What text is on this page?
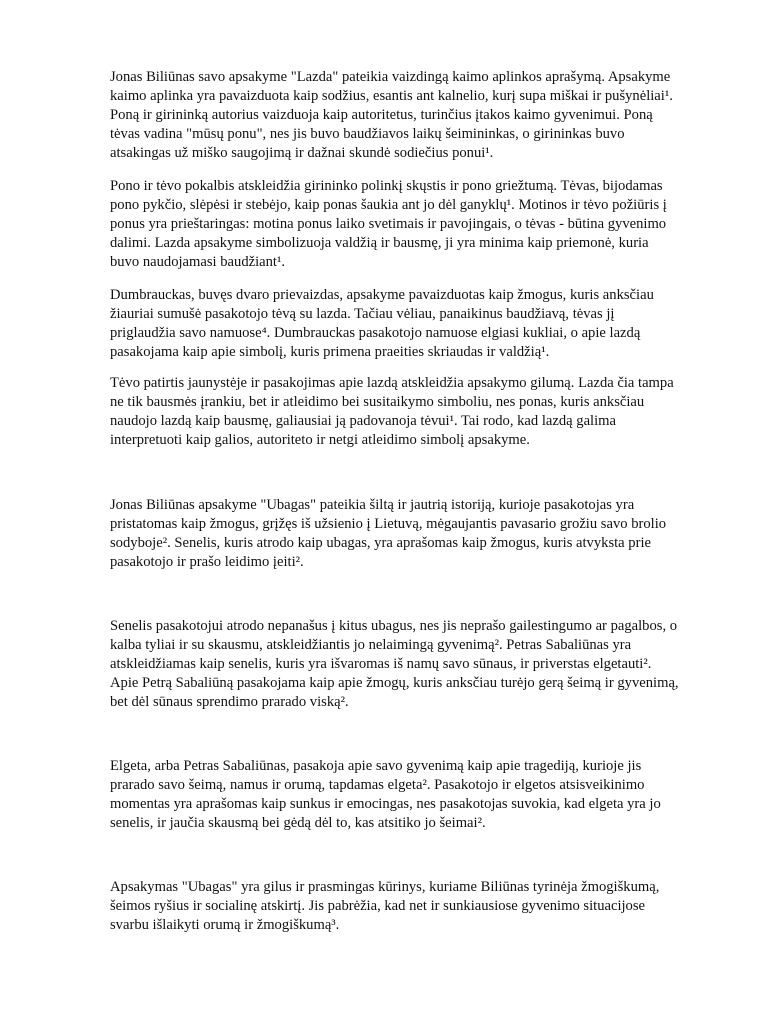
Jonas Biliūnas savo apsakyme "Lazda" pateikia vaizdingą kaimo aplinkos aprašymą. Apsakyme
kaimo aplinka yra pavaizduota kaip sodžius, esantis ant kalnelio, kurį supa miškai ir pušynėliai¹.
Poną ir girininką autorius vaizduoja kaip autoritetus, turinčius įtakos kaimo gyvenimui. Poną
tėvas vadina "mūsų ponu", nes jis buvo baudžiavos laikų šeimininkas, o girininkas buvo
atsakingas už miško saugojimą ir dažnai skundė sodiečius ponui¹.

Pono ir tėvo pokalbis atskleidžia girininko polinkį skųstis ir pono griežtumą. Tėvas, bijodamas
pono pykčio, slėpėsi ir stebėjo, kaip ponas šaukia ant jo dėl ganyklų¹. Motinos ir tėvo požiūris į
ponus yra prieštaringas: motina ponus laiko svetimais ir pavojingais, o tėvas - būtina gyvenimo
dalimi. Lazda apsakyme simbolizuoja valdžią ir bausmę, ji yra minima kaip priemonė, kuria
buvo naudojamasi baudžiant¹.

Dumbrauckas, buvęs dvaro prievaizdas, apsakyme pavaizduotas kaip žmogus, kuris anksčiau
žiauriai sumušė pasakotojo tėvą su lazda. Tačiau vėliau, panaikinus baudžiavą, tėvas jį
priglaudžia savo namuose⁴. Dumbrauckas pasakotojo namuose elgiasi kukliai, o apie lazdą
pasakojama kaip apie simbolį, kuris primena praeities skriaudas ir valdžią¹.

Tėvo patirtis jaunystėje ir pasakojimas apie lazdą atskleidžia apsakymo gilumą. Lazda čia tampa
ne tik bausmės įrankiu, bet ir atleidimo bei susitaikymo simboliu, nes ponas, kuris anksčiau
naudojo lazdą kaip bausmę, galiausiai ją padovanoja tėvui¹. Tai rodo, kad lazdą galima
interpretuoti kaip galios, autoriteto ir netgi atleidimo simbolį apsakyme.

Jonas Biliūnas apsakyme "Ubagas" pateikia šiltą ir jautrią istoriją, kurioje pasakotojas yra
pristatomas kaip žmogus, grįžęs iš užsienio į Lietuvą, mėgaujantis pavasario grožiu savo brolio
sodyboje². Senelis, kuris atrodo kaip ubagas, yra aprašomas kaip žmogus, kuris atvyksta prie
pasakotojo ir prašo leidimo įeiti².

Senelis pasakotojui atrodo nepanašus į kitus ubagus, nes jis neprašo gailestingumo ar pagalbos, o
kalba tyliai ir su skausmu, atskleidžiantis jo nelaimingą gyvenimą². Petras Sabaliūnas yra
atskleidžiamas kaip senelis, kuris yra išvaromas iš namų savo sūnaus, ir priverstas elgetauti².
Apie Petrą Sabaliūną pasakojama kaip apie žmogų, kuris anksčiau turėjo gerą šeimą ir gyvenimą,
bet dėl sūnaus sprendimo prarado viską².

Elgeta, arba Petras Sabaliūnas, pasakoja apie savo gyvenimą kaip apie tragediją, kurioje jis
prarado savo šeimą, namus ir orumą, tapdamas elgeta². Pasakotojo ir elgetos atsisveikinimo
momentas yra aprašomas kaip sunkus ir emocingas, nes pasakotojas suvokia, kad elgeta yra jo
senelis, ir jaučia skausmą bei gėdą dėl to, kas atsitiko jo šeimai².

Apsakymas "Ubagas" yra gilus ir prasmingas kūrinys, kuriame Biliūnas tyrinėja žmogiškumą,
šeimos ryšius ir socialinę atskirtį. Jis pabrėžia, kad net ir sunkiausiose gyvenimo situacijose
svarbu išlaikyti orumą ir žmogiškumą³.
